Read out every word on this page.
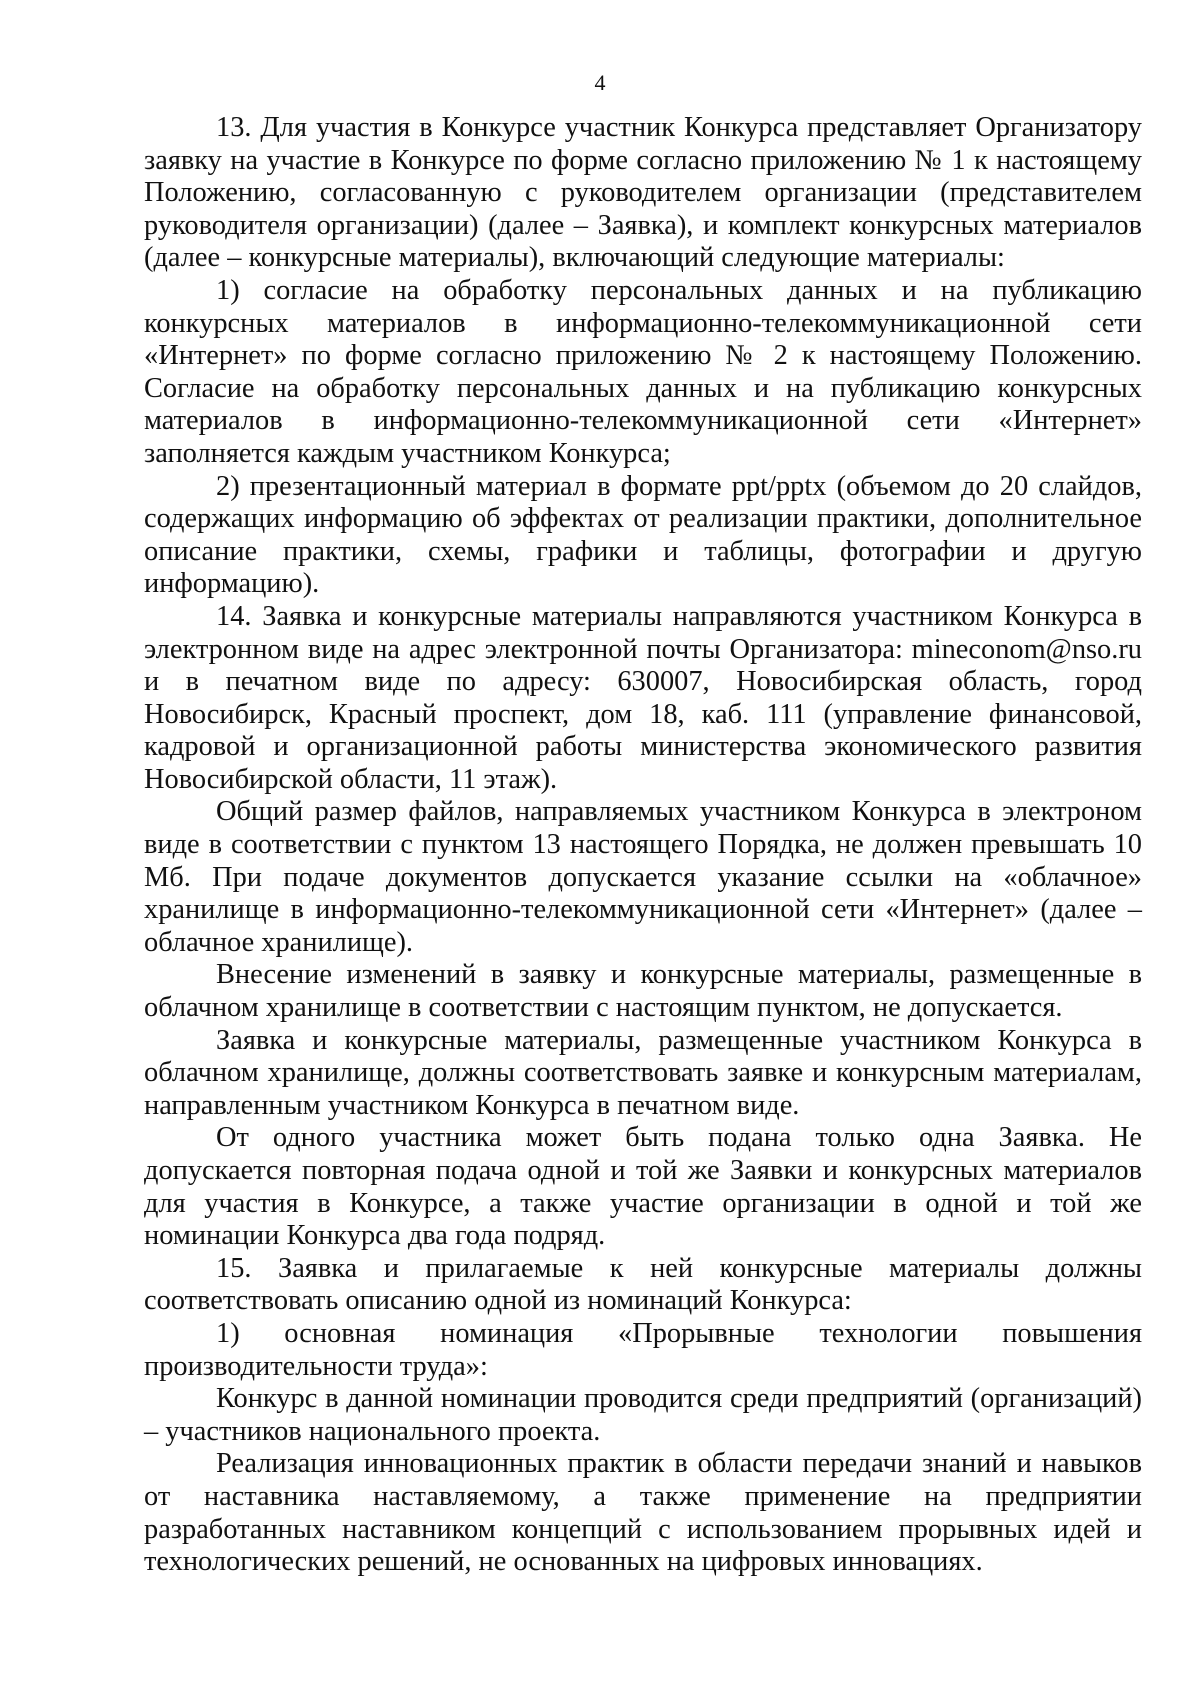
4

13. Для участия в Конкурсе участник Конкурса представляет Организатору заявку на участие в Конкурсе по форме согласно приложению № 1 к настоящему Положению, согласованную с руководителем организации (представителем руководителя организации) (далее – Заявка), и комплект конкурсных материалов (далее – конкурсные материалы), включающий следующие материалы:

1) согласие на обработку персональных данных и на публикацию конкурсных материалов в информационно-телекоммуникационной сети «Интернет» по форме согласно приложению № 2 к настоящему Положению. Согласие на обработку персональных данных и на публикацию конкурсных материалов в информационно-телекоммуникационной сети «Интернет» заполняется каждым участником Конкурса;

2) презентационный материал в формате ppt/pptx (объемом до 20 слайдов, содержащих информацию об эффектах от реализации практики, дополнительное описание практики, схемы, графики и таблицы, фотографии и другую информацию).

14. Заявка и конкурсные материалы направляются участником Конкурса в электронном виде на адрес электронной почты Организатора: mineconom@nso.ru и в печатном виде по адресу: 630007, Новосибирская область, город Новосибирск, Красный проспект, дом 18, каб. 111 (управление финансовой, кадровой и организационной работы министерства экономического развития Новосибирской области, 11 этаж).

Общий размер файлов, направляемых участником Конкурса в электроном виде в соответствии с пунктом 13 настоящего Порядка, не должен превышать 10 Мб. При подаче документов допускается указание ссылки на «облачное» хранилище в информационно-телекоммуникационной сети «Интернет» (далее – облачное хранилище).

Внесение изменений в заявку и конкурсные материалы, размещенные в облачном хранилище в соответствии с настоящим пунктом, не допускается.

Заявка и конкурсные материалы, размещенные участником Конкурса в облачном хранилище, должны соответствовать заявке и конкурсным материалам, направленным участником Конкурса в печатном виде.

От одного участника может быть подана только одна Заявка. Не допускается повторная подача одной и той же Заявки и конкурсных материалов для участия в Конкурсе, а также участие организации в одной и той же номинации Конкурса два года подряд.

15. Заявка и прилагаемые к ней конкурсные материалы должны соответствовать описанию одной из номинаций Конкурса:

1) основная номинация «Прорывные технологии повышения производительности труда»:

Конкурс в данной номинации проводится среди предприятий (организаций) – участников национального проекта.

Реализация инновационных практик в области передачи знаний и навыков от наставника наставляемому, а также применение на предприятии разработанных наставником концепций с использованием прорывных идей и технологических решений, не основанных на цифровых инновациях.
